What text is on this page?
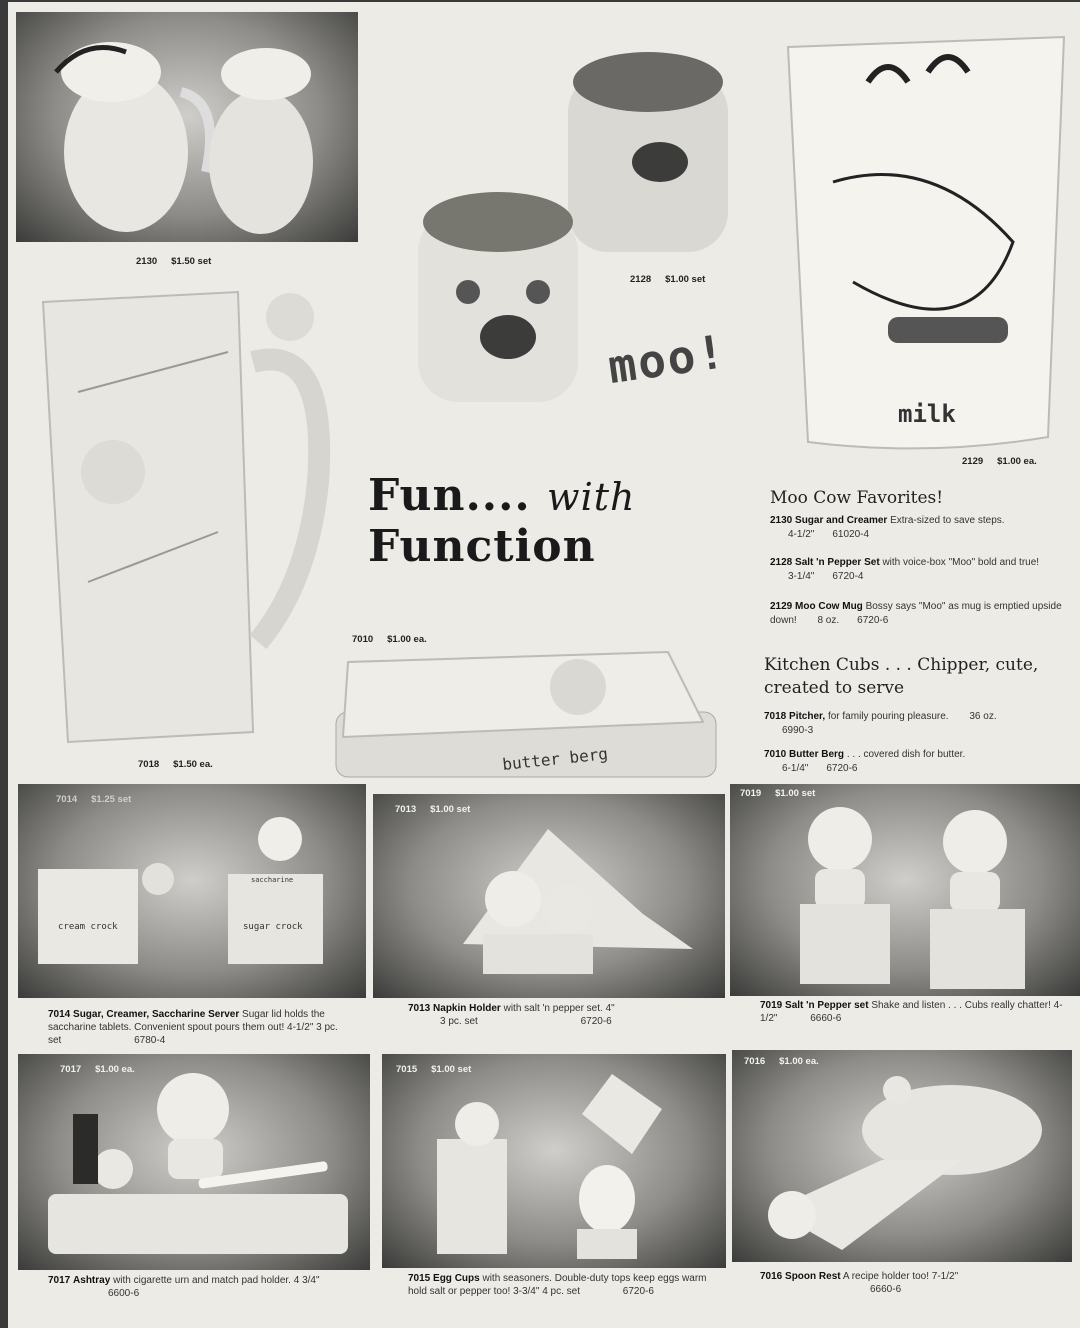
2130 $1.50 set
2128 $1.00 set
moo!
milk
2129 $1.00 ea.
7018 $1.50 ea.
Fun.... with
Function
Moo Cow Favorites!
2130 Sugar and Creamer Extra-sized to save steps.
4-1/2" 61020-4
2128 Salt 'n Pepper Set with voice-box "Moo" bold and true! 3-1/4" 6720-4
2129 Moo Cow Mug Bossy says "Moo" as mug is emptied upside down! 8 oz. 6720-6
Kitchen Cubs . . . Chipper, cute, created to serve
7018 Pitcher, for family pouring pleasure. 36 oz.
6990-3
7010 Butter Berg . . . covered dish for butter.
6-1/4" 6720-6
7010 $1.00 ea.
butter berg
cream crock	sugar crock
saccharine
7014 $1.25 set
7013 $1.00 set
7019 $1.00 set
7014 Sugar, Creamer, Saccharine Server Sugar lid holds the saccharine tablets. Convenient spout pours them out! 4-1/2" 3 pc. set	6780-4
7013 Napkin Holder with salt 'n pepper set. 4"
3 pc. set	6720-6
7019 Salt 'n Pepper set Shake and listen . . . Cubs really chatter! 4-1/2"	6660-6
7017 $1.00 ea.	7015 $1.00 set
7016 $1.00 ea.
7017 Ashtray with cigarette urn and match pad holder. 4 3/4" 6600-6
7015 Egg Cups with seasoners. Double-duty tops keep eggs warm hold salt or pepper too! 3-3/4" 4 pc. set	6720-6
7016 Spoon Rest A recipe holder too! 7-1/2"
6660-6
